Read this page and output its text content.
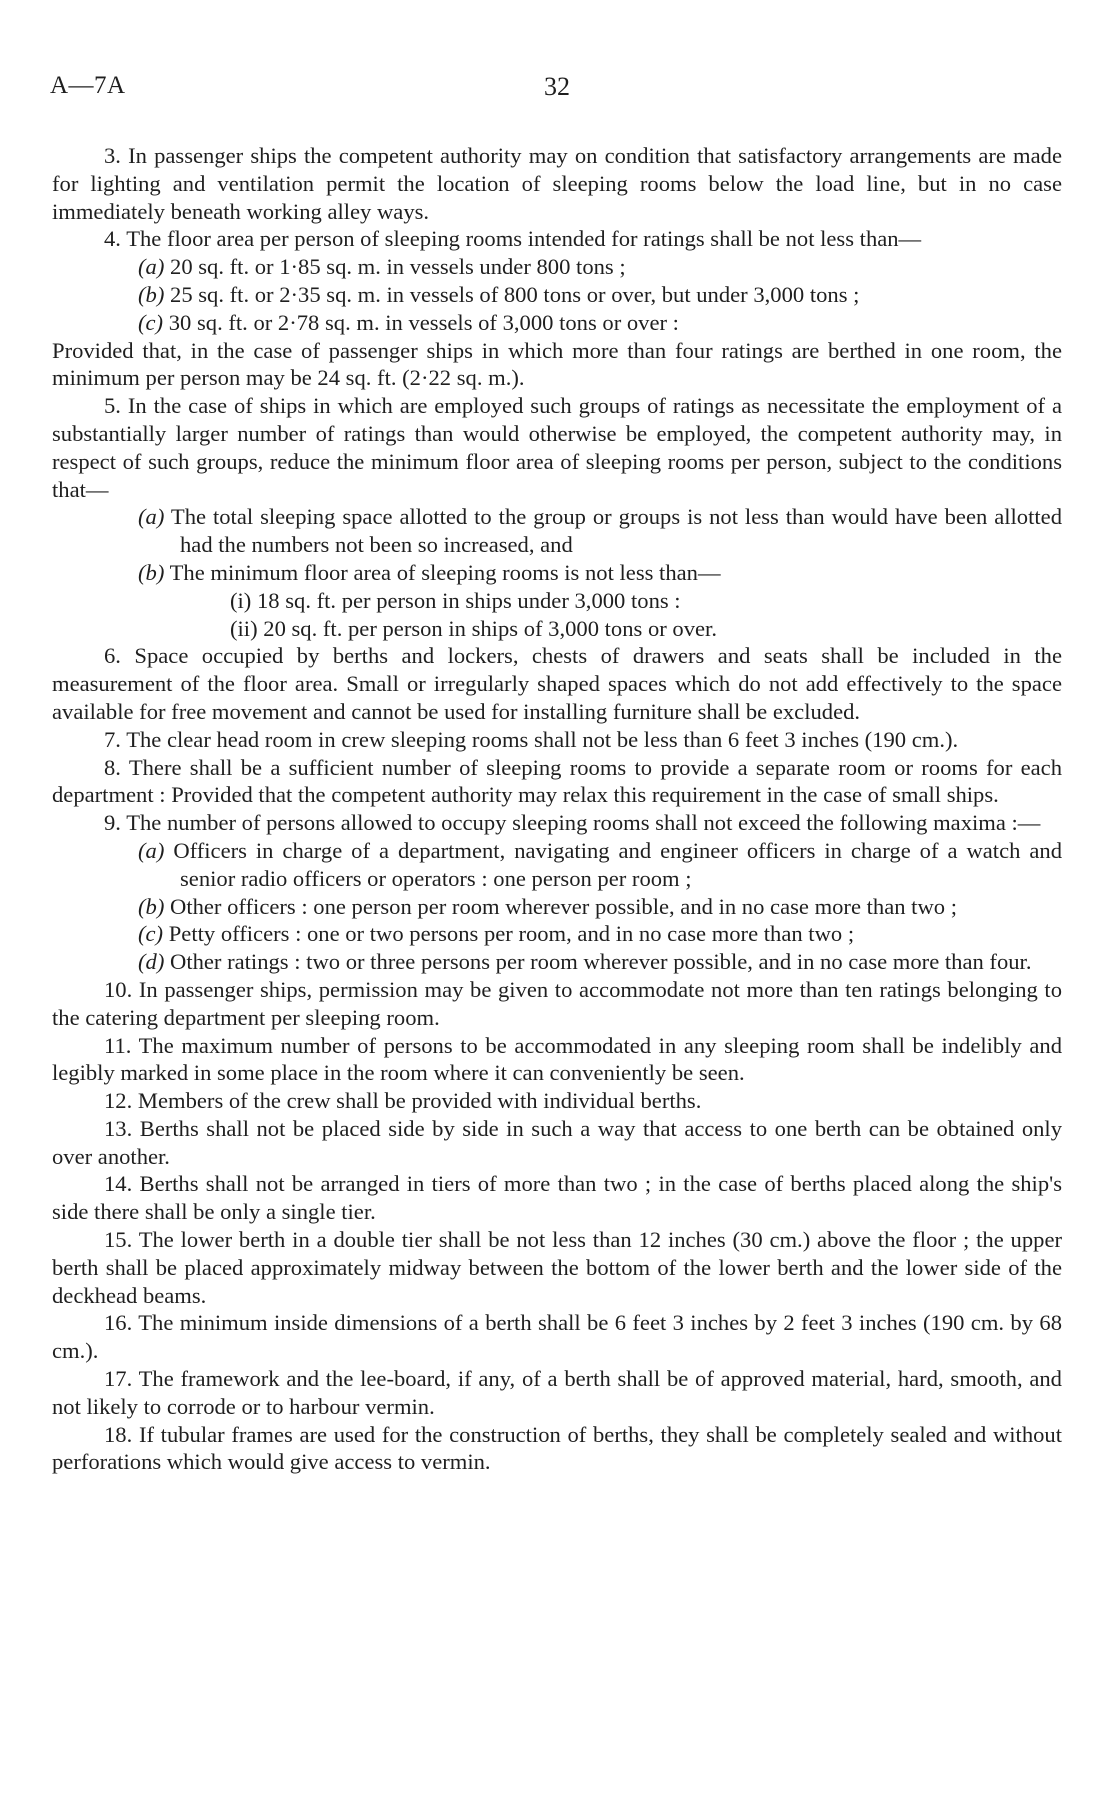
A—7A	32

3. In passenger ships the competent authority may on condition that satisfactory arrangements are made for lighting and ventilation permit the location of sleeping rooms below the load line, but in no case immediately beneath working alley ways.

4. The floor area per person of sleeping rooms intended for ratings shall be not less than—

(a) 20 sq. ft. or 1·85 sq. m. in vessels under 800 tons ;

(b) 25 sq. ft. or 2·35 sq. m. in vessels of 800 tons or over, but under 3,000 tons ;

(c) 30 sq. ft. or 2·78 sq. m. in vessels of 3,000 tons or over :

Provided that, in the case of passenger ships in which more than four ratings are berthed in one room, the minimum per person may be 24 sq. ft. (2·22 sq. m.).

5. In the case of ships in which are employed such groups of ratings as necessitate the employment of a substantially larger number of ratings than would otherwise be employed, the competent authority may, in respect of such groups, reduce the minimum floor area of sleeping rooms per person, subject to the conditions that—

(a) The total sleeping space allotted to the group or groups is not less than would have been allotted had the numbers not been so increased, and

(b) The minimum floor area of sleeping rooms is not less than—

(i) 18 sq. ft. per person in ships under 3,000 tons :

(ii) 20 sq. ft. per person in ships of 3,000 tons or over.

6. Space occupied by berths and lockers, chests of drawers and seats shall be included in the measurement of the floor area. Small or irregularly shaped spaces which do not add effectively to the space available for free movement and cannot be used for installing furniture shall be excluded.

7. The clear head room in crew sleeping rooms shall not be less than 6 feet 3 inches (190 cm.).

8. There shall be a sufficient number of sleeping rooms to provide a separate room or rooms for each department : Provided that the competent authority may relax this requirement in the case of small ships.

9. The number of persons allowed to occupy sleeping rooms shall not exceed the following maxima :—

(a) Officers in charge of a department, navigating and engineer officers in charge of a watch and senior radio officers or operators : one person per room ;

(b) Other officers : one person per room wherever possible, and in no case more than two ;

(c) Petty officers : one or two persons per room, and in no case more than two ;

(d) Other ratings : two or three persons per room wherever possible, and in no case more than four.

10. In passenger ships, permission may be given to accommodate not more than ten ratings belonging to the catering department per sleeping room.

11. The maximum number of persons to be accommodated in any sleeping room shall be indelibly and legibly marked in some place in the room where it can conveniently be seen.

12. Members of the crew shall be provided with individual berths.

13. Berths shall not be placed side by side in such a way that access to one berth can be obtained only over another.

14. Berths shall not be arranged in tiers of more than two ; in the case of berths placed along the ship's side there shall be only a single tier.

15. The lower berth in a double tier shall be not less than 12 inches (30 cm.) above the floor ; the upper berth shall be placed approximately midway between the bottom of the lower berth and the lower side of the deckhead beams.

16. The minimum inside dimensions of a berth shall be 6 feet 3 inches by 2 feet 3 inches (190 cm. by 68 cm.).

17. The framework and the lee-board, if any, of a berth shall be of approved material, hard, smooth, and not likely to corrode or to harbour vermin.

18. If tubular frames are used for the construction of berths, they shall be completely sealed and without perforations which would give access to vermin.
